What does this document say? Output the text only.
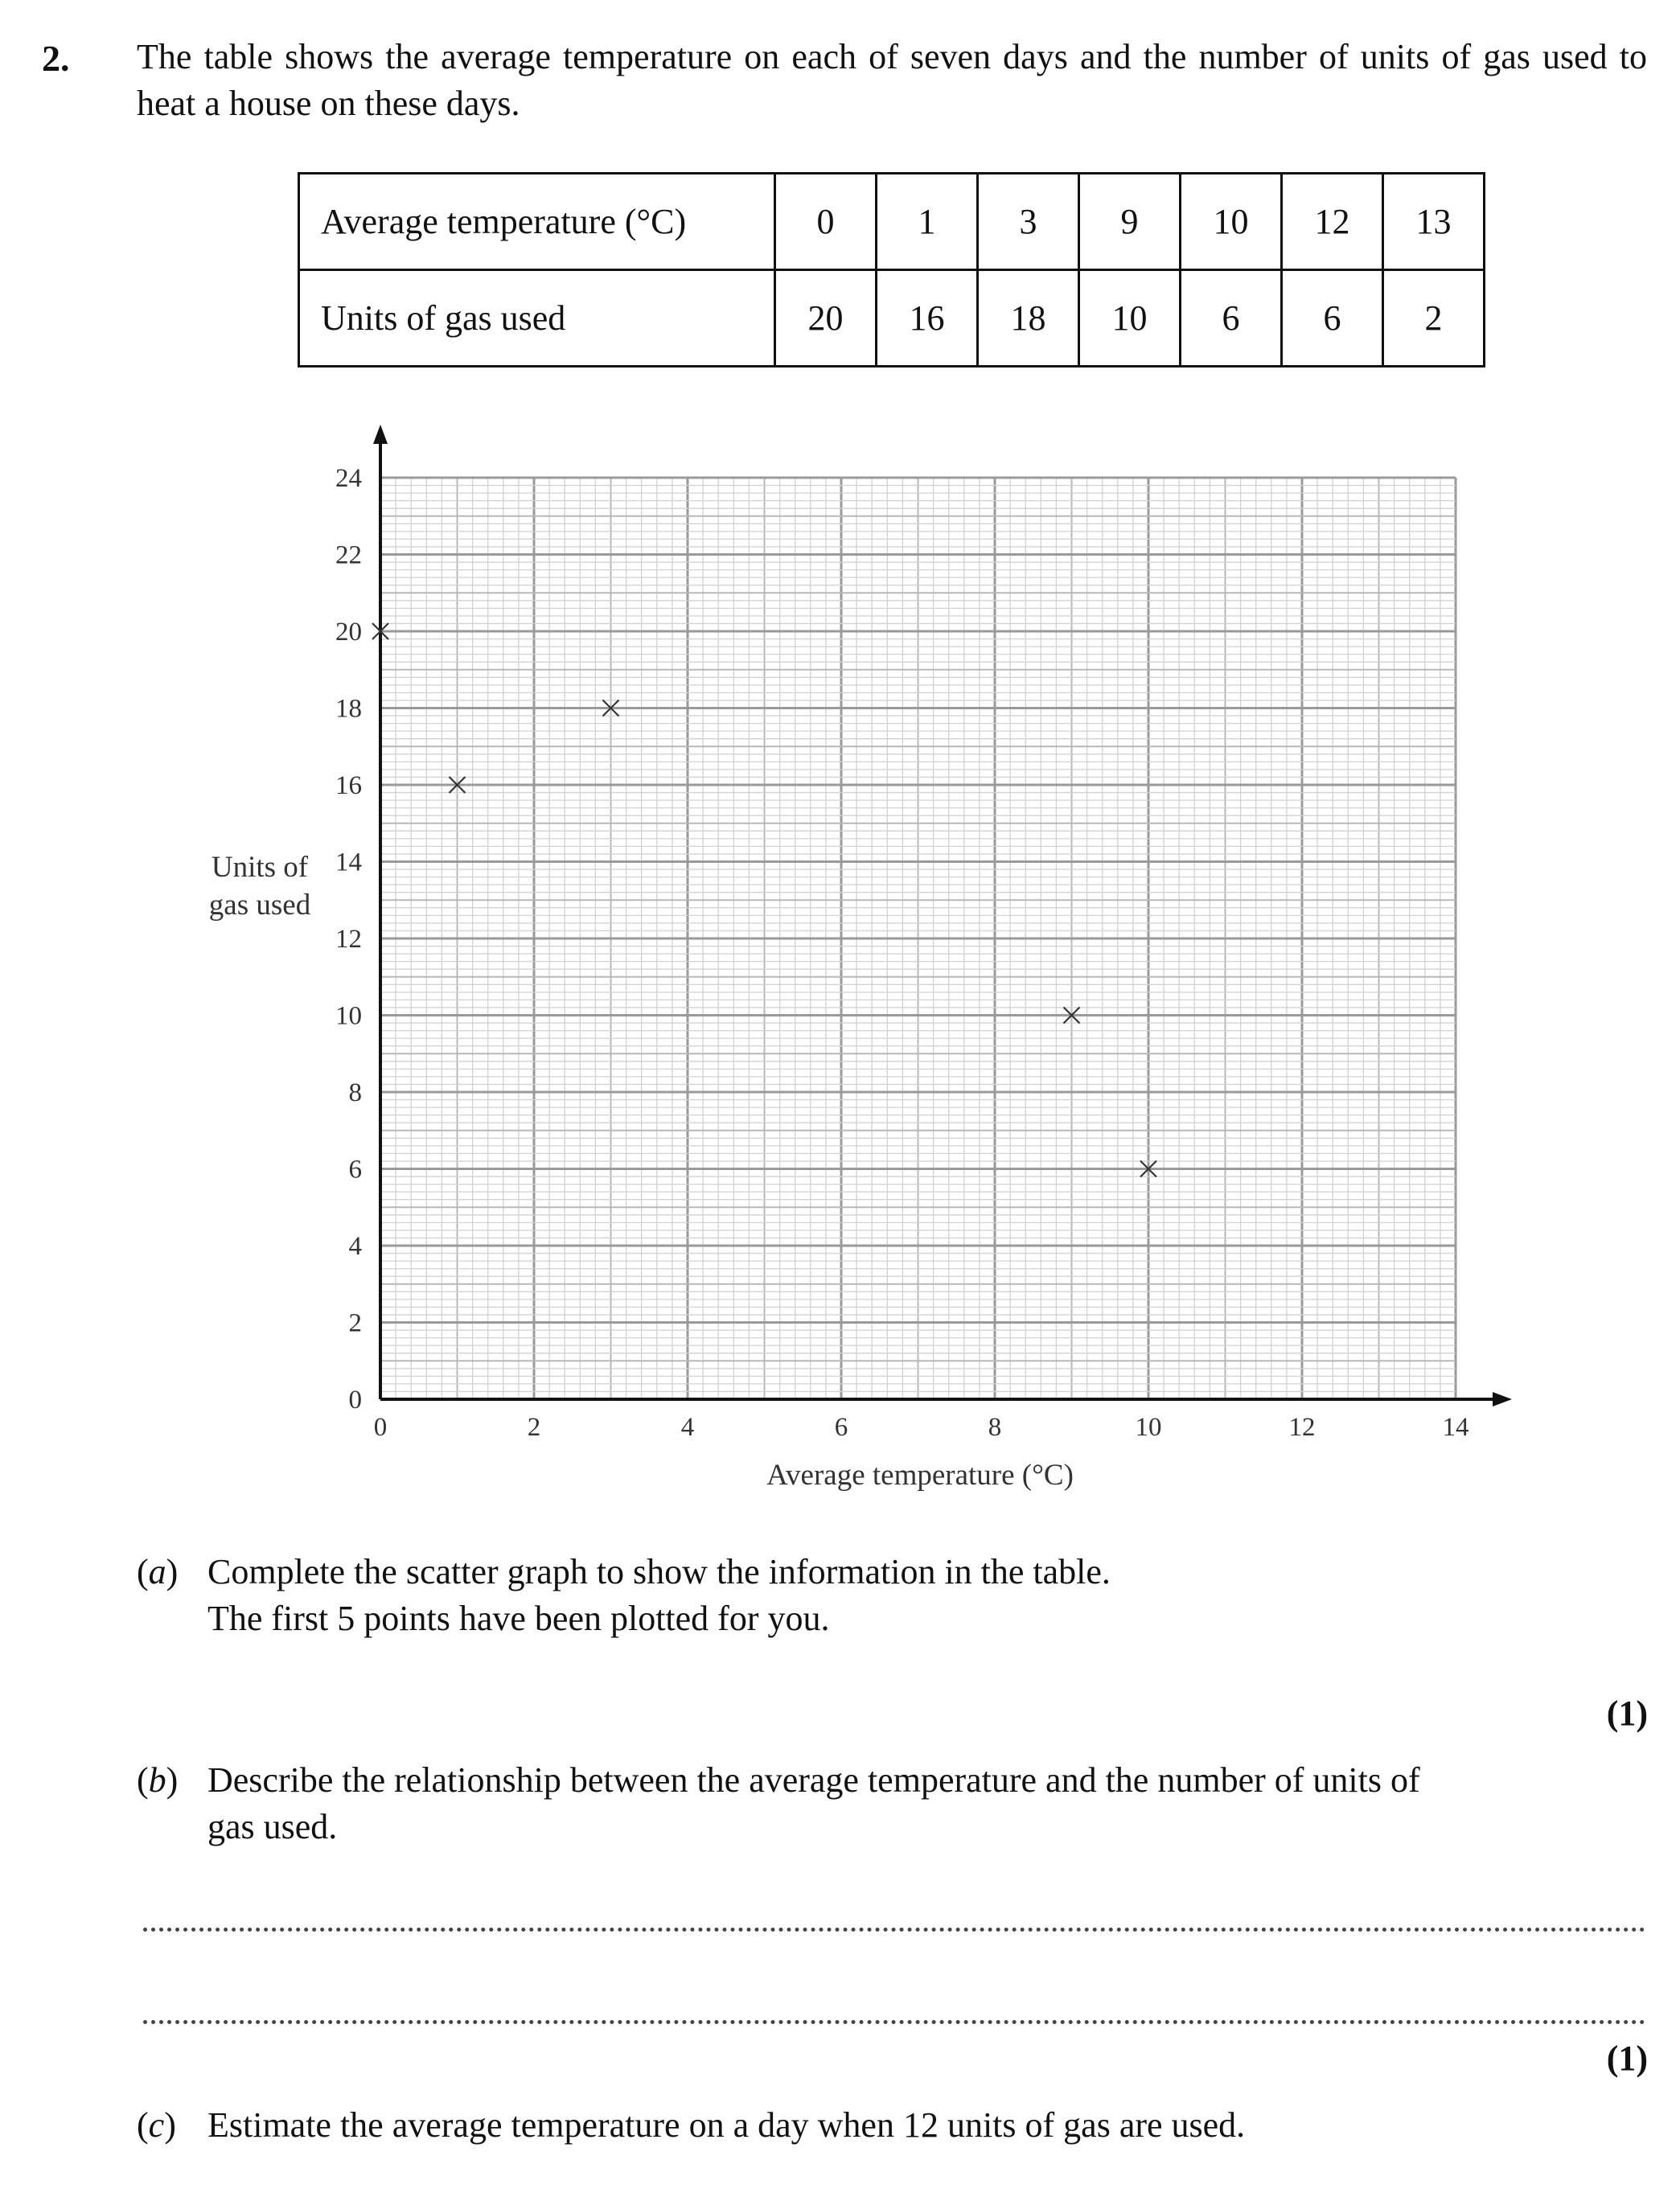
2. The table shows the average temperature on each of seven days and the number of units of gas used to heat a house on these days.
Average temperature (°C)	0	1	3	9	10	12	13
Units of gas used	20	16	18	10	6	6	2
Units of gas used
0	2	4	6	8	10	12	14
0
2
4
6
8
10
12
14
16
18
20
22
24
Average temperature (°C)
(a) Complete the scatter graph to show the information in the table.
The first 5 points have been plotted for you.
(1)
(b) Describe the relationship between the average temperature and the number of units of
gas used.
(1)
(c) Estimate the average temperature on a day when 12 units of gas are used.
